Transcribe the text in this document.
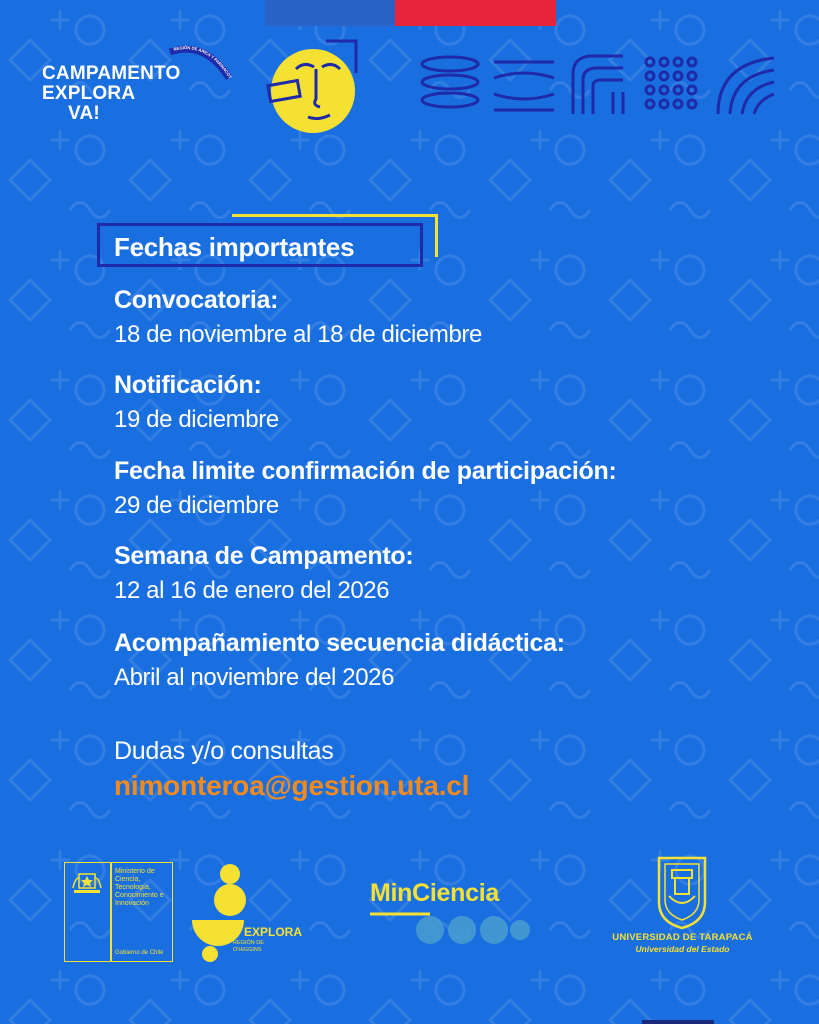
CAMPAMENTO
EXPLORA
VA!
REGIÓN DE ARICA Y PARINACOT
Fechas importantes
Convocatoria:
18 de noviembre al 18 de diciembre
Notificación:
19 de diciembre
Fecha limite confirmación de participación:
29 de diciembre
Semana de Campamento:
12 al 16 de enero del 2026
Acompañamiento secuencia didáctica:
Abril al noviembre del 2026
Dudas y/o consultas
nimonteroa@gestion.uta.cl
Ministerio de Ciencia, Tecnología, Conocimiento e Innovación
Gobierno de Chile
EXPLORA
REGIÓN DE O'HIGGINS
MinCiencia
UNIVERSIDAD DE TARAPACÁ
Universidad del Estado
